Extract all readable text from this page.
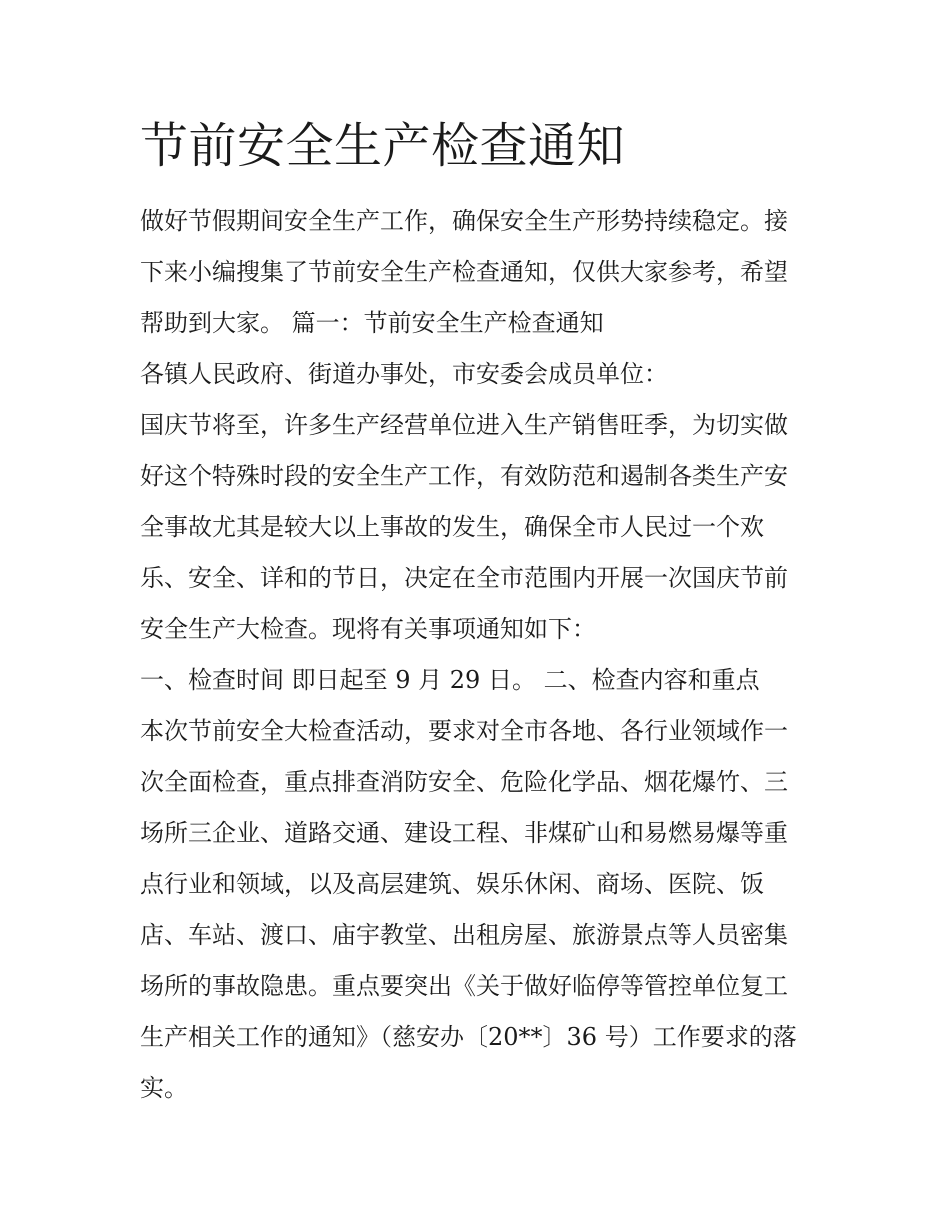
节前安全生产检查通知

做好节假期间安全生产工作，确保安全生产形势持续稳定。接

下来小编搜集了节前安全生产检查通知，仅供大家参考，希望

帮助到大家。 篇一：节前安全生产检查通知

各镇人民政府、街道办事处，市安委会成员单位：

国庆节将至，许多生产经营单位进入生产销售旺季，为切实做

好这个特殊时段的安全生产工作，有效防范和遏制各类生产安

全事故尤其是较大以上事故的发生，确保全市人民过一个欢

乐、安全、详和的节日，决定在全市范围内开展一次国庆节前

安全生产大检查。现将有关事项通知如下：

一、检查时间 即日起至 9 月 29 日。 二、检查内容和重点

本次节前安全大检查活动，要求对全市各地、各行业领域作一

次全面检查，重点排查消防安全、危险化学品、烟花爆竹、三

场所三企业、道路交通、建设工程、非煤矿山和易燃易爆等重

点行业和领域，以及高层建筑、娱乐休闲、商场、医院、饭

店、车站、渡口、庙宇教堂、出租房屋、旅游景点等人员密集

场所的事故隐患。重点要突出《关于做好临停等管控单位复工

生产相关工作的通知》（慈安办〔20**〕36 号）工作要求的落

实。
